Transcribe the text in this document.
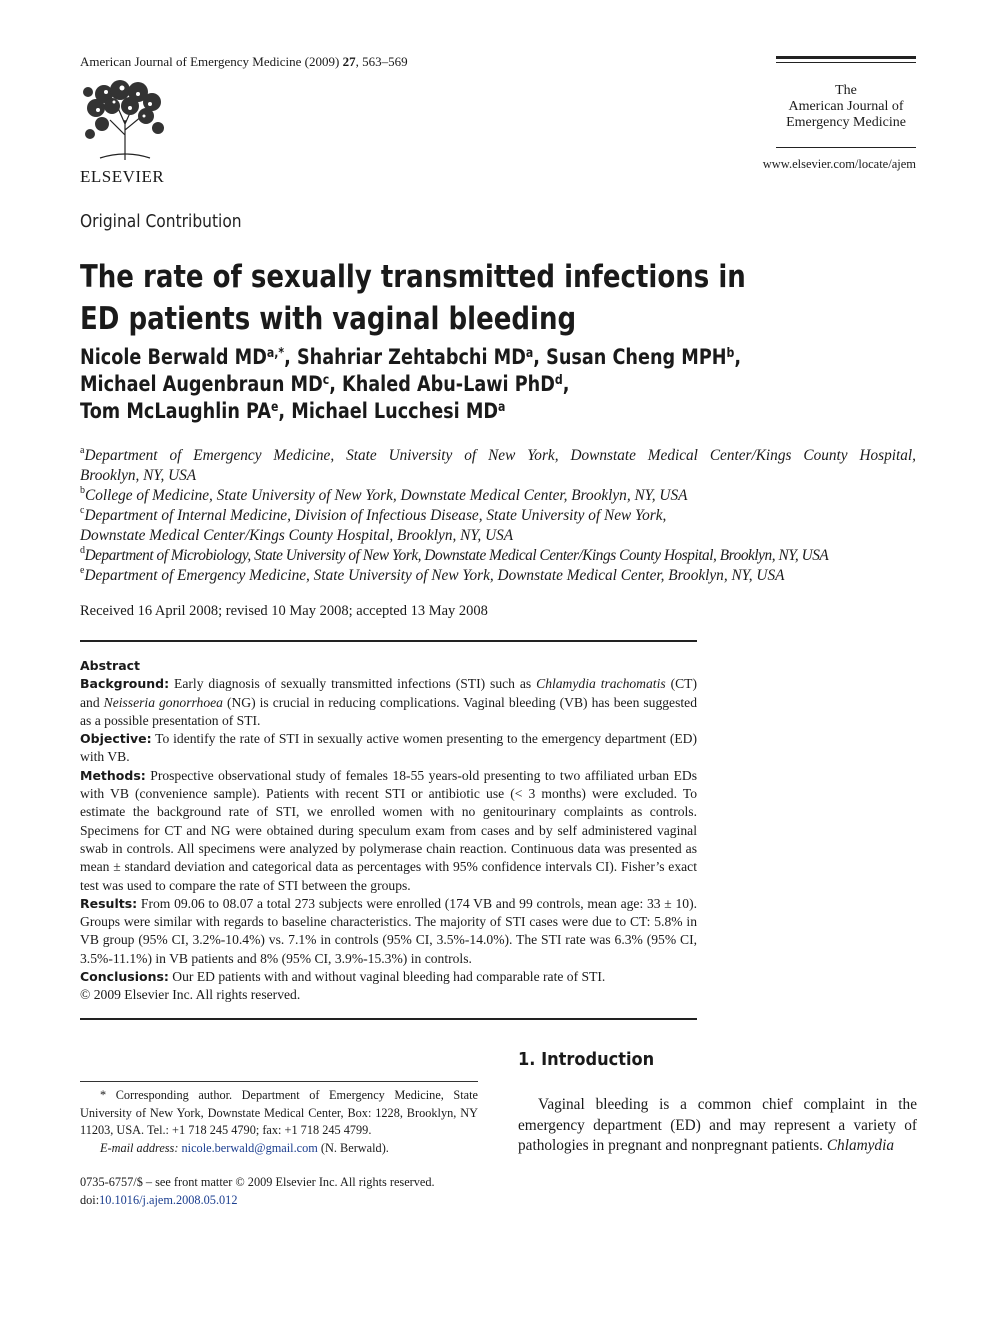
American Journal of Emergency Medicine (2009) 27, 563–569
ELSEVIER
The
American Journal of
Emergency Medicine
www.elsevier.com/locate/ajem
Original Contribution
The rate of sexually transmitted infections in
ED patients with vaginal bleeding
Nicole Berwald $MD^{a,*}$, Shahriar Zehtabchi $MD^a$, Susan Cheng MPH$^b$,
Michael Augenbraun $MD^c$, Khaled Abu-Lawi PhD$^d$,
Tom McLaughlin $PA^e$, Michael Lucchesi $MD^a$

$^a$Department of Emergency Medicine, State University of New York, Downstate Medical Center/Kings County Hospital,

Brooklyn, NY, USA

$^b$College of Medicine, State University of New York, Downstate Medical Center, Brooklyn, NY, USA

$^c$Department of Internal Medicine, Division of Infectious Disease, State University of New York,

Downstate Medical Center/Kings County Hospital, Brooklyn, NY, USA

$^d$Department of Microbiology, State University of New York, Downstate Medical Center/Kings County Hospital, Brooklyn, NY, USA

$^e$Department of Emergency Medicine, State University of New York, Downstate Medical Center, Brooklyn, NY, USA

Received 16 April 2008; revised 10 May 2008; accepted 13 May 2008

Abstract

Background: Early diagnosis of sexually transmitted infections (STI) such as Chlamydia trachomatis (CT) and Neisseria gonorrhoea (NG) is crucial in reducing complications. Vaginal bleeding (VB) has been suggested as a possible presentation of STI.

Objective: To identify the rate of STI in sexually active women presenting to the emergency department (ED) with VB.

Methods: Prospective observational study of females 18-55 years-old presenting to two affiliated urban EDs with VB (convenience sample). Patients with recent STI or antibiotic use (< 3 months) were excluded. To estimate the background rate of STI, we enrolled women with no genitourinary complaints as controls. Specimens for CT and NG were obtained during speculum exam from cases and by self administered vaginal swab in controls. All specimens were analyzed by polymerase chain reaction. Continuous data was presented as mean ± standard deviation and categorical data as percentages with 95% confidence intervals CI). Fisher’s exact test was used to compare the rate of STI between the groups.

Results: From 09.06 to 08.07 a total 273 subjects were enrolled (174 VB and 99 controls, mean age: 33 ± 10). Groups were similar with regards to baseline characteristics. The majority of STI cases were due to CT: 5.8% in VB group (95% CI, 3.2%-10.4%) vs. 7.1% in controls (95% CI, 3.5%-14.0%). The STI rate was 6.3% (95% CI, 3.5%-11.1%) in VB patients and 8% (95% CI, 3.9%-15.3%) in controls.

Conclusions: Our ED patients with and without vaginal bleeding had comparable rate of STI.

© 2009 Elsevier Inc. All rights reserved.

* Corresponding author. Department of Emergency Medicine, State University of New York, Downstate Medical Center, Box: 1228, Brooklyn, NY 11203, USA. Tel.: +1 718 245 4790; fax: +1 718 245 4799.

E-mail address: nicole.berwald@gmail.com (N. Berwald).

0735-6757/$ – see front matter © 2009 Elsevier Inc. All rights reserved.
doi:10.1016/j.ajem.2008.05.012
1. Introduction
Vaginal bleeding is a common chief complaint in the emergency department (ED) and may represent a variety of pathologies in pregnant and nonpregnant patients. Chlamydia
